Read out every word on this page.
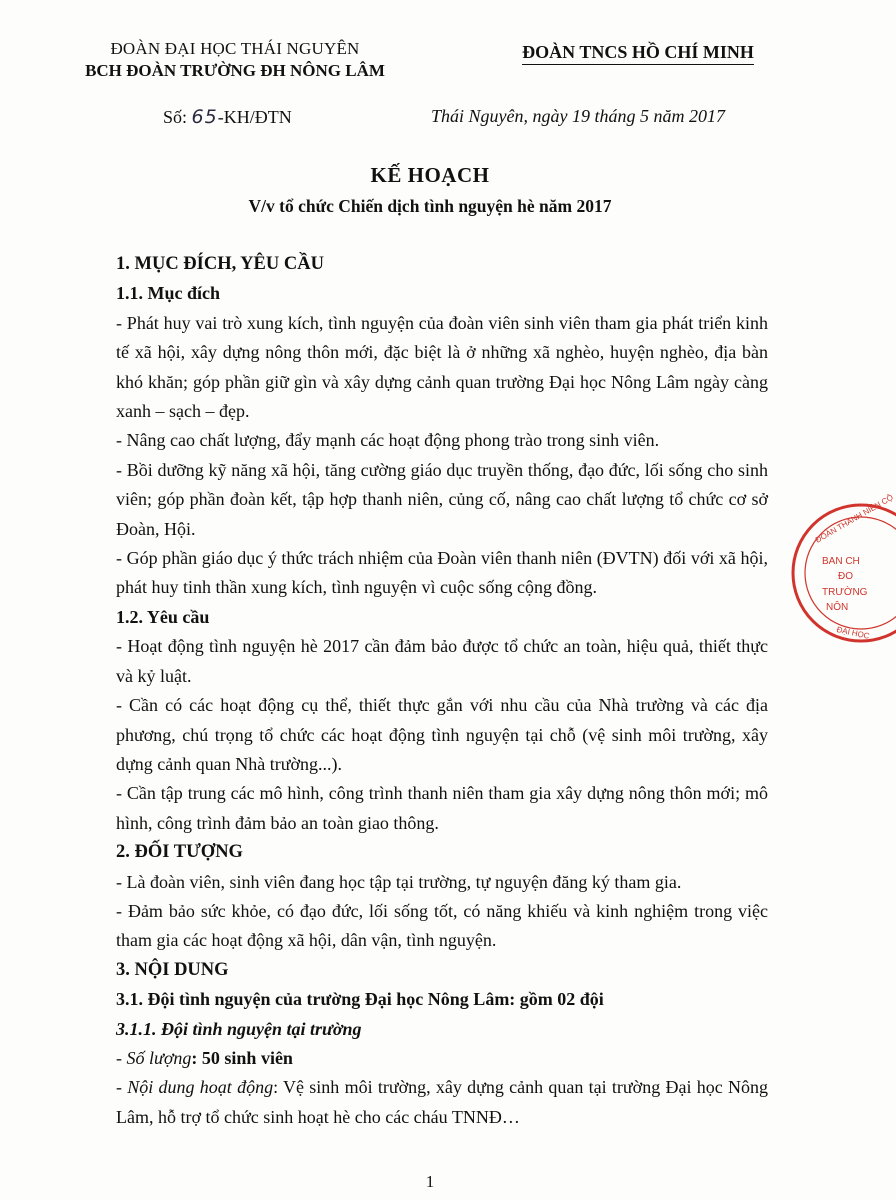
ĐOÀN ĐẠI HỌC THÁI NGUYÊN
BCH ĐOÀN TRƯỜNG ĐH NÔNG LÂM
ĐOÀN TNCS HỒ CHÍ MINH
Số: 65-KH/ĐTN	Thái Nguyên, ngày 19 tháng 5 năm 2017
KẾ HOẠCH
V/v tổ chức Chiến dịch tình nguyện hè năm 2017

1. MỤC ĐÍCH, YÊU CẦU

1.1. Mục đích

- Phát huy vai trò xung kích, tình nguyện của đoàn viên sinh viên tham gia phát triển kinh tế xã hội, xây dựng nông thôn mới, đặc biệt là ở những xã nghèo, huyện nghèo, địa bàn khó khăn; góp phần giữ gìn và xây dựng cảnh quan trường Đại học Nông Lâm ngày càng xanh – sạch – đẹp.

- Nâng cao chất lượng, đẩy mạnh các hoạt động phong trào trong sinh viên.

- Bồi dưỡng kỹ năng xã hội, tăng cường giáo dục truyền thống, đạo đức, lối sống cho sinh viên; góp phần đoàn kết, tập hợp thanh niên, củng cố, nâng cao chất lượng tổ chức cơ sở Đoàn, Hội.

- Góp phần giáo dục ý thức trách nhiệm của Đoàn viên thanh niên (ĐVTN) đối với xã hội, phát huy tinh thần xung kích, tình nguyện vì cuộc sống cộng đồng.

1.2. Yêu cầu

- Hoạt động tình nguyện hè 2017 cần đảm bảo được tổ chức an toàn, hiệu quả, thiết thực và kỷ luật.

- Cần có các hoạt động cụ thể, thiết thực gắn với nhu cầu của Nhà trường và các địa phương, chú trọng tổ chức các hoạt động tình nguyện tại chỗ (vệ sinh môi trường, xây dựng cảnh quan Nhà trường...).

- Cần tập trung các mô hình, công trình thanh niên tham gia xây dựng nông thôn mới; mô hình, công trình đảm bảo an toàn giao thông.

2. ĐỐI TƯỢNG

- Là đoàn viên, sinh viên đang học tập tại trường, tự nguyện đăng ký tham gia.

- Đảm bảo sức khỏe, có đạo đức, lối sống tốt, có năng khiếu và kinh nghiệm trong việc tham gia các hoạt động xã hội, dân vận, tình nguyện.

3. NỘI DUNG

3.1. Đội tình nguyện của trường Đại học Nông Lâm: gồm 02 đội

3.1.1. Đội tình nguyện tại trường

- Số lượng: 50 sinh viên

- Nội dung hoạt động: Vệ sinh môi trường, xây dựng cảnh quan tại trường Đại học Nông Lâm, hỗ trợ tổ chức sinh hoạt hè cho các cháu TNNĐ…

1
BAN CH
ĐO
TRƯỜNG
NÔN
ĐOÀN THANH NIÊN CỘ
ĐẠI HỌC
